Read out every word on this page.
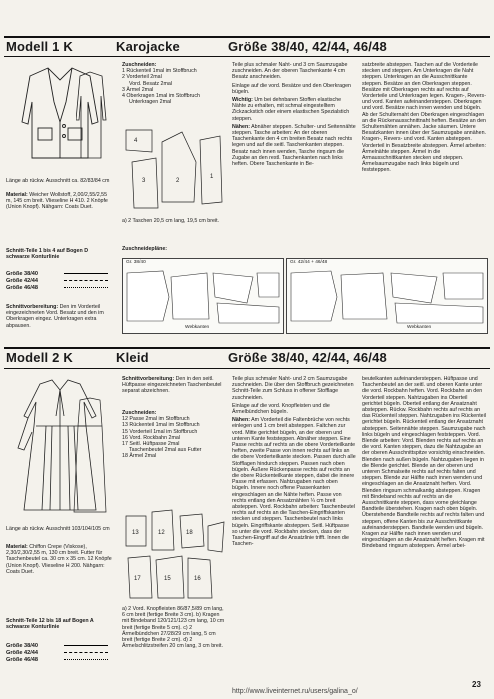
Modell 1 K	Karojacke	Größe 38/40, 42/44, 46/48
Länge ab rückw. Ausschnitt ca. 82/83/84 cm
Material: Weicher Wollstoff, 2,00/2,55/2,55 m, 145 cm breit. Vlieseline H 410. 2 Knöpfe (Union Knopf). Nähgarn: Coats Duet.
Schnitt-Teile 1 bis 4 auf Bogen D schwarze Konturlinie
Größe 38/40
Größe 42/44
Größe 46/48
Schnittvorbereitung: Den im Vorderteil eingezeichneten Vord. Besatz und den im Oberkragen eingez. Unterkragen extra abpausen.
Zuschneiden:
1 Rückenteil 1mal im Stoffbruch
2 Vorderteil 2mal
Vord. Besatz 2mal
3 Ärmel 2mal
4 Oberkragen 1mal im Stoffbruch
Unterkragen 2mal
4
3	2
1
a) 2 Taschen 20,5 cm lang, 19,5 cm breit.
Zuschneidepläne:
Gr. 38/40
Webkanten
Gr. 42/44 + 46/48
Webkanten

Teile plus schmaler Naht- und 3 cm Saumzugabe zuschneiden. An der oberen Taschenkante 4 cm Besatz anschneiden.

Einlage auf die vord. Besätze und den Oberkragen bügeln.

Wichtig: Um bei dehnbaren Stoffen elastische Nähte zu erhalten, mit schmal eingestelltem Zickzackstich oder einem elastischen Spezialstich steppen.

Nähen: Abnäher steppen. Schulter- und Seitennähte steppen. Tasche arbeiten: An der oberen Taschenkante den 4 cm breiten Besatz nach rechts legen und auf die seitl. Taschenkanten steppen. Besatz nach innen wenden, Tasche ringsum die Zugabe an den restl. Taschenkanten nach links heften. Obere Taschenkante in Be-

satzbreite absteppen. Taschen auf die Vorderteile stecken und steppen. Am Unterkragen die Naht steppen. Unterkragen an die Ausschnittkante steppen. Besätze an den Oberkragen steppen. Besätze mit Oberkragen rechts auf rechts auf Vorderteile und Unterkragen legen. Kragen-, Revers- und vord. Kanten aufeinandersteppen. Oberkragen und vord. Besätze nach innen wenden und bügeln. Ab der Schulternaht den Oberkragen eingeschlagen an die Rückenausschnittnaht heften. Besätze an den Schulternähten annähen. Jacke säumen. Untere Besatzkanten innen über der Saumzugabe annähen. Kragen-, Revers- und vord. Kanten absteppen. Vorderteil in Besatzbreite absteppen. Ärmel arbeiten: Ärmelnähte steppen. Ärmel in die Armausschnittkanten stecken und steppen. Ärmelsaumzugabe nach links bügeln und feststeppen.

Modell 2 K	Kleid	Größe 38/40, 42/44, 46/48
Länge ab rückw. Ausschnitt 103/104/105 cm
Material: Chiffon Crepe (Viskose), 2,30/2,30/2,55 m, 130 cm breit. Futter für Taschenbeutel ca. 30 cm x 35 cm. 12 Knöpfe (Union Knopf). Vlieseline H 200. Nähgarn: Coats Duet.
Schnitt-Teile 12 bis 18 auf Bogen A schwarze Konturlinie
Größe 38/40
Größe 42/44
Größe 46/48
Schnittvorbereitung: Den in den seitl. Hüftpasse eingezeichneten Taschenbeutel separat abzeichnen.
Zuschneiden:
12 Passe 2mal im Stoffbruch
13 Rückenteil 1mal im Stoffbruch
15 Vorderteil 1mal im Stoffbruch
16 Vord. Rockbahn 2mal
17 Seitl. Hüftpasse 2mal
Taschenbeutel 2mal aus Futter
18 Ärmel 2mal
13	12	18
17	15	16
a) 2 Vord. Knopfleisten 86/87,5/89 cm lang, 6 cm breit (fertige Breite 3 cm). b) Kragen mit Bindeband 120/121/123 cm lang, 10 cm breit (fertige Breite 5 cm). c) 2 Ärmelbündchen 27/28/29 cm lang, 5 cm breit (fertige Breite 2 cm). d) 2 Ärmelschlitzstreifen 20 cm lang, 3 cm breit.

Teile plus schmaler Naht- und 2 cm Saumzugabe zuschneiden. Die über den Stoffbruch gezeichneten Schnitt-Teile zum Schluss in offener Stofflage zuschneiden.

Einlage auf die vord. Knopfleisten und die Ärmelbündchen bügeln.

Nähen: Am Vorderteil die Faltenbrüche von rechts einlegen und 1 cm breit absteppen. Faltchen zur vord. Mitte gerichtet bügeln, an der oberen und unteren Kante feststeppen. Abnäher steppen. Eine Passe rechts auf rechts an die obere Vorderteilkante heften, zweite Passe von innen rechts auf links an die obere Vorderteilkante stecken. Passen durch alle Stofflagen hindurch steppen. Passen nach oben bügeln. Äußere Rückenpasse rechts auf rechts an die obere Rückenteilkante steppen, dabei die innere Passe mit erfassen. Nahtzugaben nach oben bügeln. Innere noch offene Passenkanten eingeschlagen an die Nähte heften. Passe von rechts entlang den Ansatznähten ¼ cm breit absteppen. Vord. Rockbahn arbeiten: Taschenbeutel rechts auf rechts an die Taschen-Eingriffskanten stecken und steppen. Taschenbeutel nach links bügeln. Eingriffskante absteppen. Seitl. Hüftpasse so unter die vord. Rockbahn stecken, dass der Taschen-Eingriff auf die Ansatzlinie trifft. Innen die Taschen-

beutelkanten aufeinandersteppen. Hüftpasse und Taschenbeutel an der seitl. und oberen Kante unter die vord. Rockbahn heften. Vord. Rockbahn an den Vorderteil steppen. Nahtzugaben ins Oberteil gerichtet bügeln. Oberteil entlang der Ansatznaht absteppen. Rückw. Rockbahn rechts auf rechts an das Rückenteil steppen. Nahtzugaben ins Rückenteil gerichtet bügeln. Rückenteil entlang der Ansatznaht absteppen. Seitennähte steppen. Saumzugabe nach links bügeln und eingeschlagen feststeppen. Vord. Blende arbeiten: Vord. Blenden rechts auf rechts an die vord. Kanten steppen, dazu die Nahtzugabe an der oberen Ausschnittspitze vorsichtig einschneiden. Blenden nach außen bügeln. Nahtzugaben liegen in die Blende gerichtet. Blende an der oberen und unteren Schmalseite rechts auf rechts falten und steppen. Blende zur Hälfte nach innen wenden und eingeschlagen an die Ansatznaht heften. Vord. Blenden ringsum schmalkantig absteppen. Kragen mit Bindeband rechts auf rechts an die Ausschnittkante steppen, dass vorne gleichlange Bandteile überstehen. Kragen nach oben bügeln. Überstehende Bandteile rechts auf rechts falten und steppen, offene Kanten bis zur Ausschnittkante aufeinandersteppen. Bandteile wenden und bügeln. Kragen zur Hälfte nach innen wenden und eingeschlagen an die Ansatznaht heften. Kragen mit Bindeband ringsum absteppen. Ärmel arbei-

23
http://www.liveinternet.ru/users/galina_o/
